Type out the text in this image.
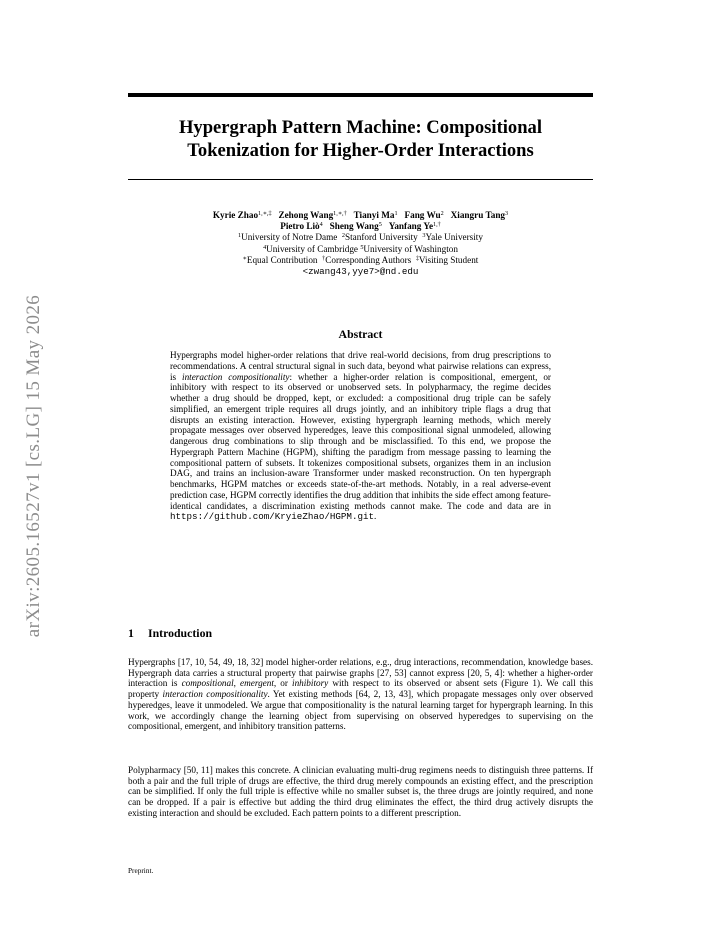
arXiv:2605.16527v1 [cs.LG] 15 May 2026
Hypergraph Pattern Machine: Compositional
Tokenization for Higher-Order Interactions
Kyrie Zhao$^{1,∗,\ddagger}$ Zehong Wang$^{1,∗,\dagger}$ Tianyi Ma$^1$ Fang Wu$^2$ Xiangru Tang$^3$
Pietro Liò$^4$ Sheng Wang$^5$ Yanfang $Ye^{1,\dagger}$
$^1$University of Notre Dame $^2$Stanford University $^3$Yale University
$^4$University of Cambridge $^5$University of Washington
∗Equal Contribution †Corresponding Authors ‡Visiting Student
<zwang43,yye7>@nd.edu
Abstract
Hypergraphs model higher-order relations that drive real-world decisions, from drug prescriptions to recommendations. A central structural signal in such data, beyond what pairwise relations can express, is interaction compositionality: whether a higher-order relation is compositional, emergent, or inhibitory with respect to its observed or unobserved sets. In polypharmacy, the regime decides whether a drug should be dropped, kept, or excluded: a compositional drug triple can be safely simplified, an emergent triple requires all drugs jointly, and an inhibitory triple flags a drug that disrupts an existing interaction. However, existing hypergraph learning methods, which merely propagate messages over observed hyperedges, leave this compositional signal unmodeled, allowing dangerous drug combinations to slip through and be misclassified. To this end, we propose the Hypergraph Pattern Machine (HGPM), shifting the paradigm from message passing to learning the compositional pattern of subsets. It tokenizes compositional subsets, organizes them in an inclusion DAG, and trains an inclusion-aware Transformer under masked reconstruction. On ten hypergraph benchmarks, HGPM matches or exceeds state-of-the-art methods. Notably, in a real adverse-event prediction case, HGPM correctly identifies the drug addition that inhibits the side effect among feature-identical candidates, a discrimination existing methods cannot make. The code and data are in https://github.com/KryieZhao/HGPM.git.
1 Introduction
Hypergraphs [17, 10, 54, 49, 18, 32] model higher-order relations, e.g., drug interactions, recommendation, knowledge bases. Hypergraph data carries a structural property that pairwise graphs [27, 53] cannot express [20, 5, 4]: whether a higher-order interaction is compositional, emergent, or inhibitory with respect to its observed or absent sets (Figure 1). We call this property interaction compositionality. Yet existing methods [64, 2, 13, 43], which propagate messages only over observed hyperedges, leave it unmodeled. We argue that compositionality is the natural learning target for hypergraph learning. In this work, we accordingly change the learning object from supervising on observed hyperedges to supervising on the compositional, emergent, and inhibitory transition patterns.
Polypharmacy [50, 11] makes this concrete. A clinician evaluating multi-drug regimens needs to distinguish three patterns. If both a pair and the full triple of drugs are effective, the third drug merely compounds an existing effect, and the prescription can be simplified. If only the full triple is effective while no smaller subset is, the three drugs are jointly required, and none can be dropped. If a pair is effective but adding the third drug eliminates the effect, the third drug actively disrupts the existing interaction and should be excluded. Each pattern points to a different prescription.
Preprint.
